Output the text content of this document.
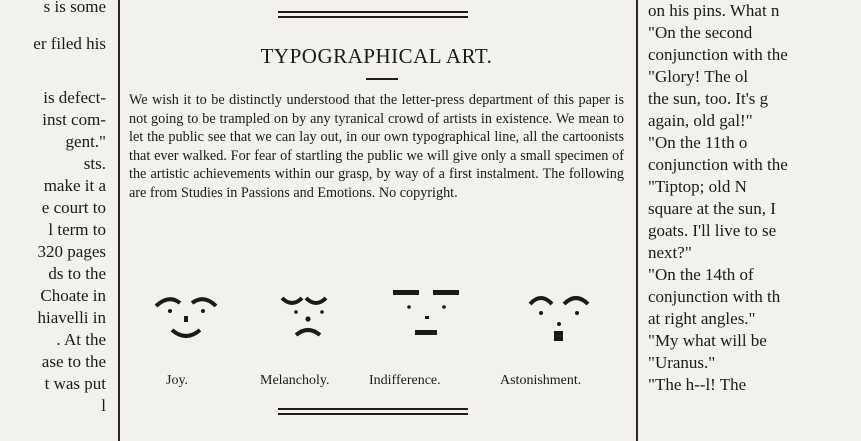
s is some
er filed his
is defect-
inst com-
gent."
sts.
make it a
e court to
l term to
320 pages
ds to the
Choate in
hiavelli in
. At the
ase to the
t was put
l
TYPOGRAPHICAL ART.
We wish it to be distinctly understood that the letter-press department of this paper is not going to be trampled on by any tyranical crowd of artists in existence. We mean to let the public see that we can lay out, in our own typographical line, all the cartoonists that ever walked. For fear of startling the public we will give only a small specimen of the artistic achievements within our grasp, by way of a first instalment. The following are from Studies in Passions and Emotions. No copyright.
Joy.	Melancholy.	Indifference.	Astonishment.
on his pins. What n
"On the second
conjunction with the
"Glory! The ol
the sun, too. It's g
again, old gal!"
"On the 11th o
conjunction with the
"Tiptop; old N
square at the sun, I
goats. I'll live to se
next?"
"On the 14th of
conjunction with th
at right angles."
"My what will be
"Uranus."
"The h--l! The
